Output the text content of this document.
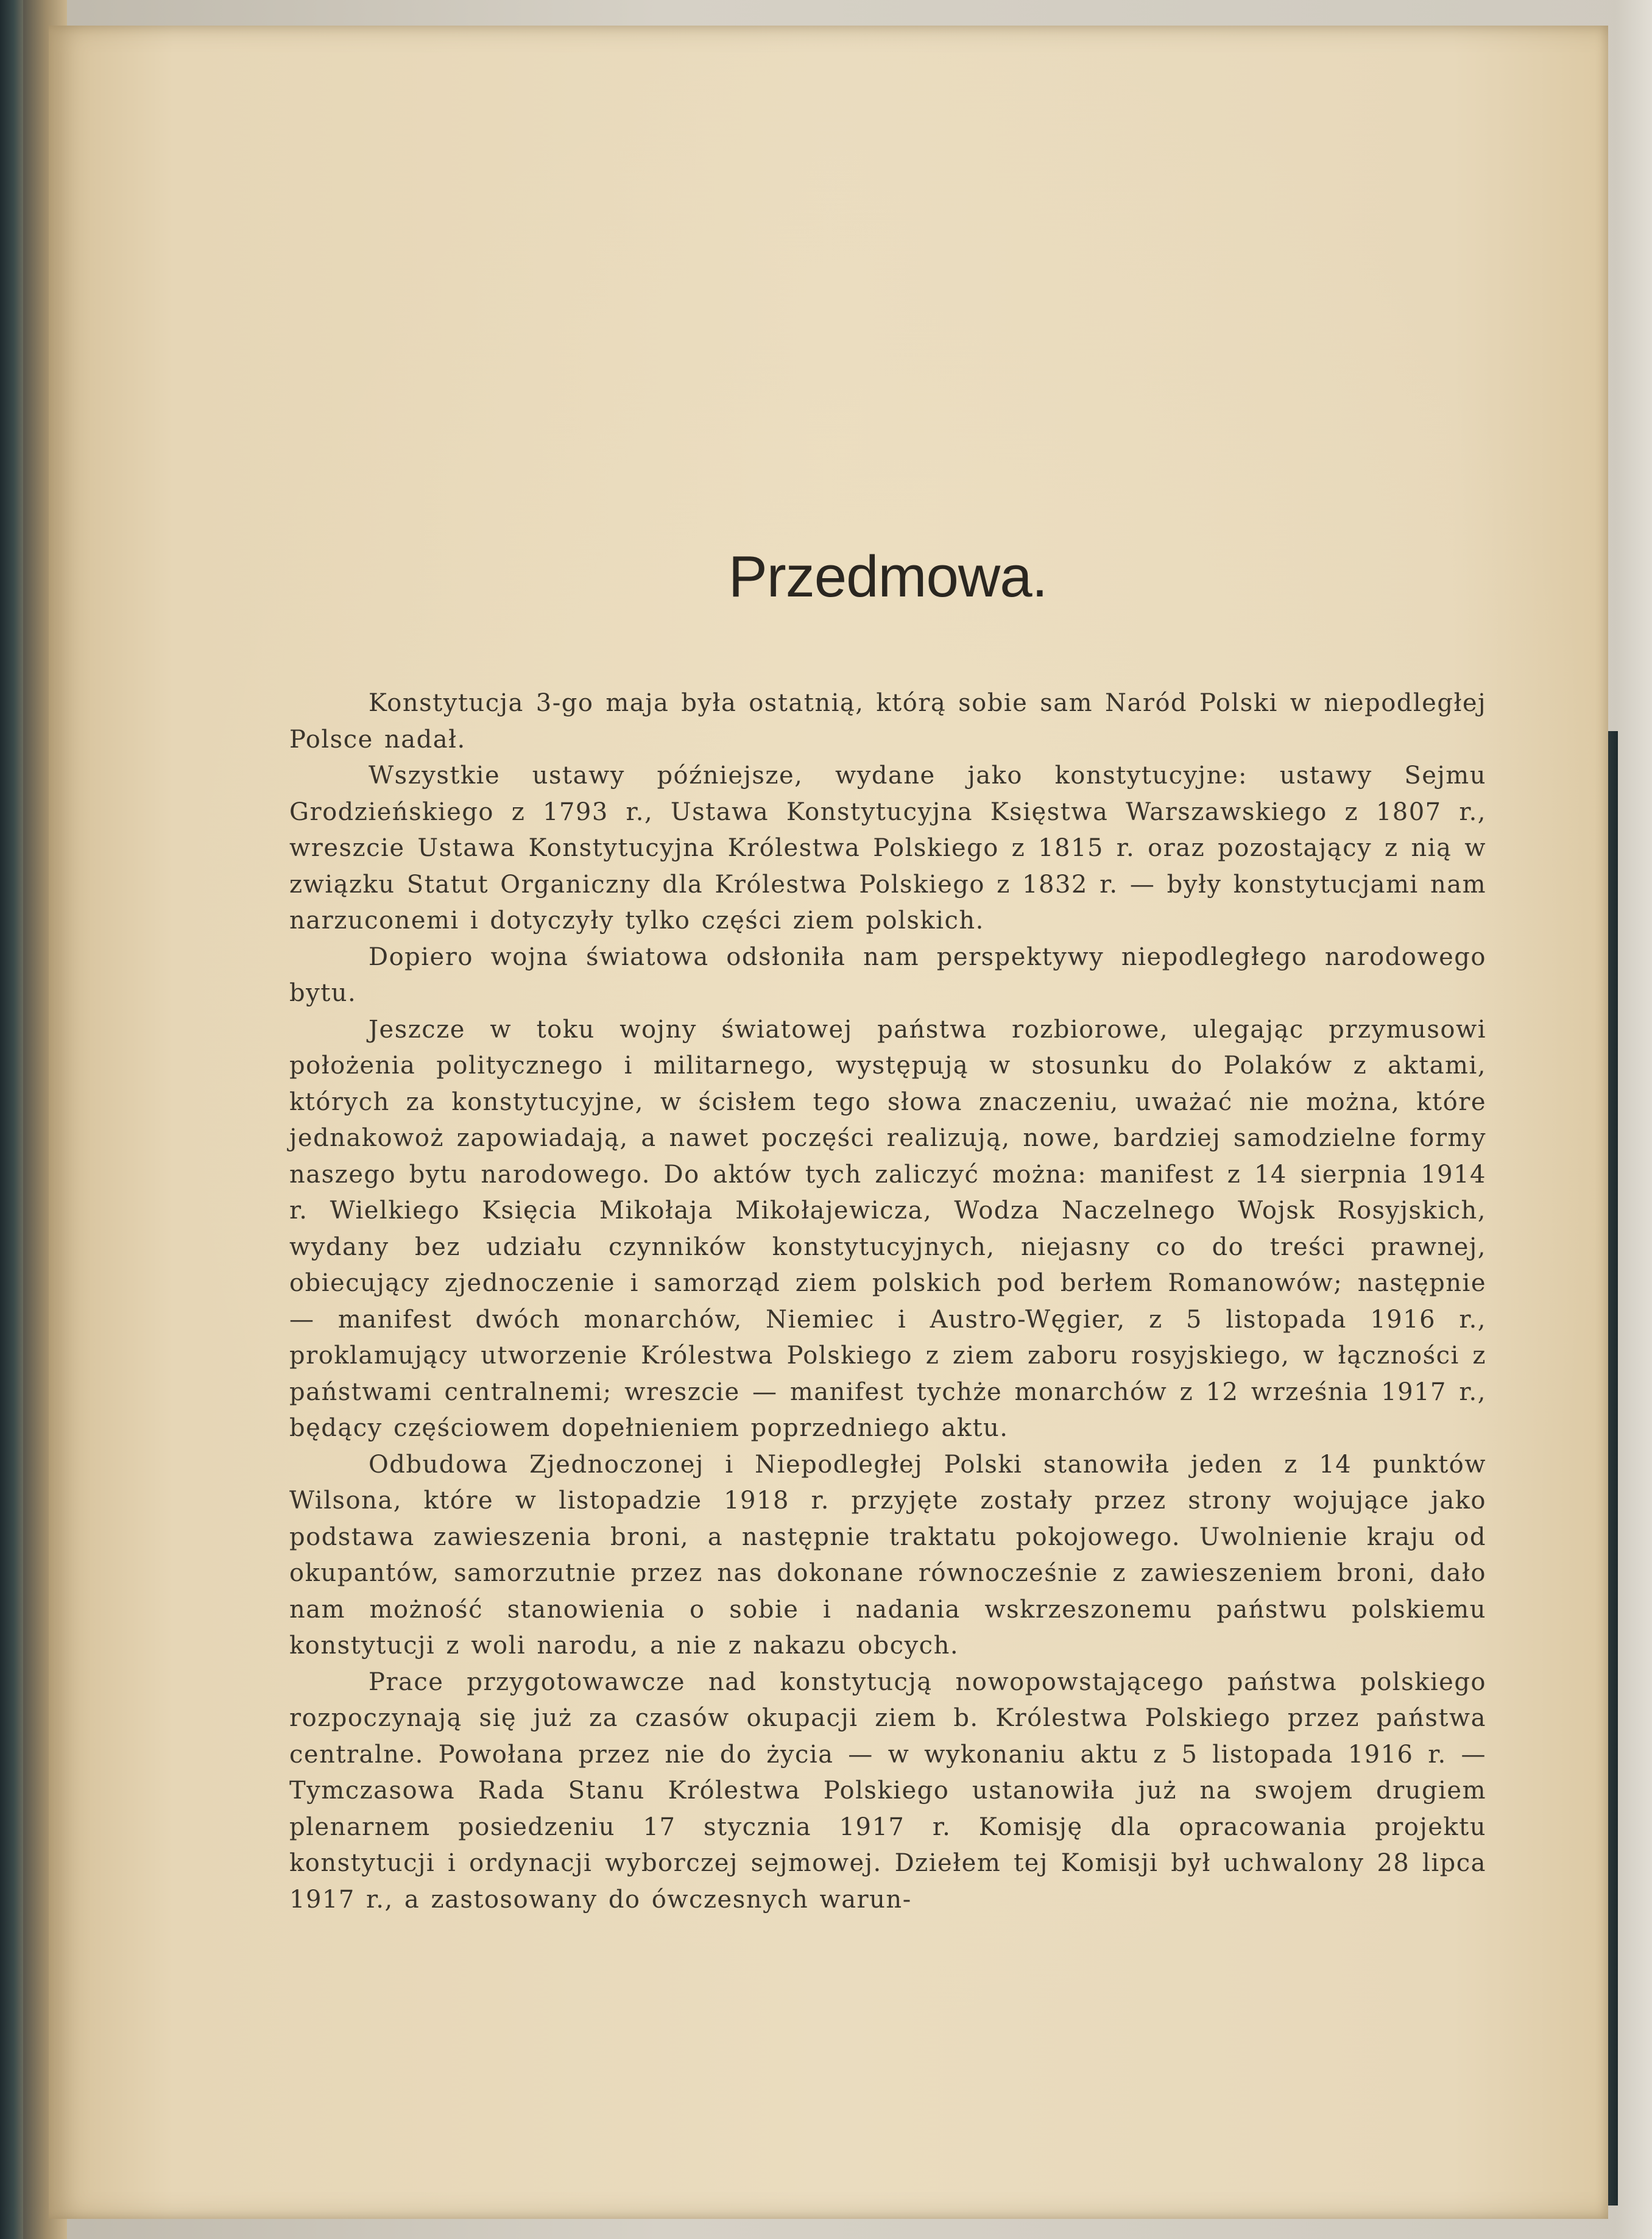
Przedmowa.

Konstytucja 3-go maja była ostatnią, którą sobie sam Naród Polski w niepodległej Polsce nadał.

Wszystkie ustawy późniejsze, wydane jako konstytucyjne: ustawy Sejmu Grodzieńskiego z 1793 r., Ustawa Konstytucyjna Księstwa Warszawskiego z 1807 r., wreszcie Ustawa Konstytucyjna Królestwa Polskiego z 1815 r. oraz pozostający z nią w związku Statut Organiczny dla Królestwa Polskiego z 1832 r. — były konstytucjami nam narzuconemi i dotyczyły tylko części ziem polskich.

Dopiero wojna światowa odsłoniła nam perspektywy niepodległego narodowego bytu.

Jeszcze w toku wojny światowej państwa rozbiorowe, ulegając przymusowi położenia politycznego i militarnego, występują w stosunku do Polaków z aktami, których za konstytucyjne, w ścisłem tego słowa znaczeniu, uważać nie można, które jednakowoż zapowiadają, a nawet poczęści realizują, nowe, bardziej samodzielne formy naszego bytu narodowego. Do aktów tych zaliczyć można: manifest z 14 sierpnia 1914 r. Wielkiego Księcia Mikołaja Mikołajewicza, Wodza Naczelnego Wojsk Rosyjskich, wydany bez udziału czynników konstytucyjnych, niejasny co do treści prawnej, obiecujący zjednoczenie i samorząd ziem polskich pod berłem Romanowów; następnie — manifest dwóch monarchów, Niemiec i Austro-Węgier, z 5 listopada 1916 r., proklamujący utworzenie Królestwa Polskiego z ziem zaboru rosyjskiego, w łączności z państwami centralnemi; wreszcie — manifest tychże monarchów z 12 września 1917 r., będący częściowem dopełnieniem poprzedniego aktu.

Odbudowa Zjednoczonej i Niepodległej Polski stanowiła jeden z 14 punktów Wilsona, które w listopadzie 1918 r. przyjęte zostały przez strony wojujące jako podstawa zawieszenia broni, a następnie traktatu pokojowego. Uwolnienie kraju od okupantów, samorzutnie przez nas dokonane równocześnie z zawieszeniem broni, dało nam możność stanowienia o sobie i nadania wskrzeszonemu państwu polskiemu konstytucji z woli narodu, a nie z nakazu obcych.

Prace przygotowawcze nad konstytucją nowopowstającego państwa polskiego rozpoczynają się już za czasów okupacji ziem b. Królestwa Polskiego przez państwa centralne. Powołana przez nie do życia — w wykonaniu aktu z 5 listopada 1916 r. — Tymczasowa Rada Stanu Królestwa Polskiego ustanowiła już na swojem drugiem plenarnem posiedzeniu 17 stycznia 1917 r. Komisję dla opracowania projektu konstytucji i ordynacji wyborczej sejmowej. Dziełem tej Komisji był uchwalony 28 lipca 1917 r., a zastosowany do ówczesnych warun-
